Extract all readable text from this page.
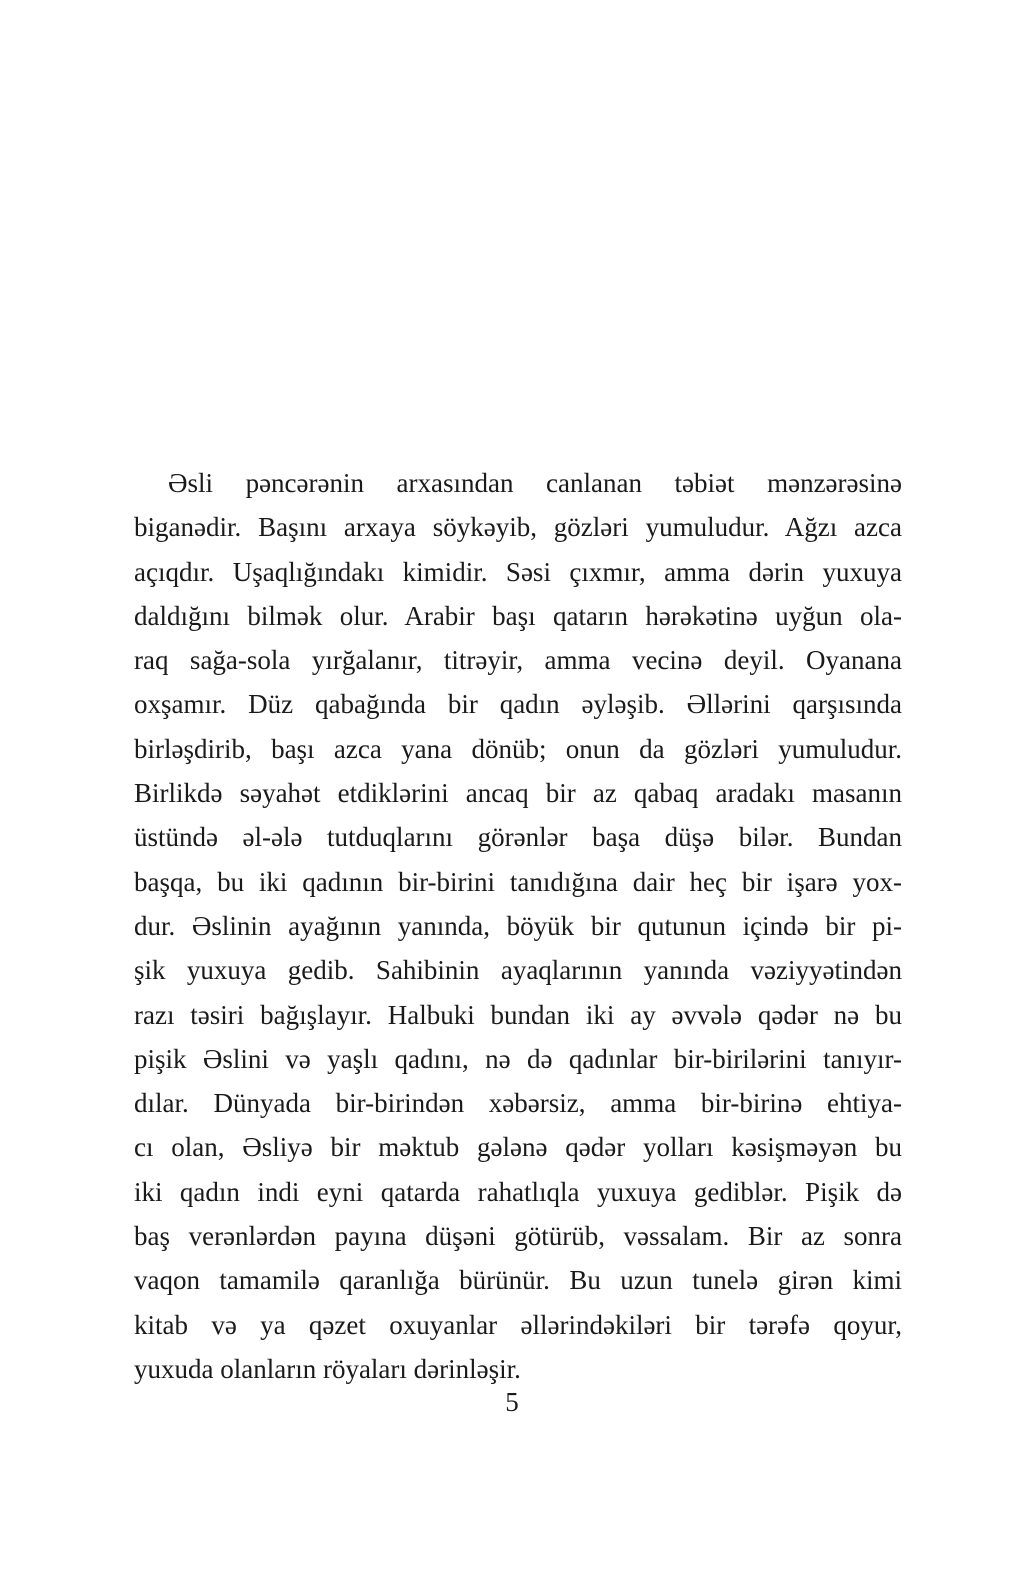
Əsli pəncərənin arxasından canlanan təbiət mənzərəsinə
biganədir. Başını arxaya söykəyib, gözləri yumuludur. Ağzı azca
açıqdır. Uşaqlığındakı kimidir. Səsi çıxmır, amma dərin yuxuya
daldığını bilmək olur. Arabir başı qatarın hərəkətinə uyğun ola-
raq sağa-sola yırğalanır, titrəyir, amma vecinə deyil. Oyanana
oxşamır. Düz qabağında bir qadın əyləşib. Əllərini qarşısında
birləşdirib, başı azca yana dönüb; onun da gözləri yumuludur.
Birlikdə səyahət etdiklərini ancaq bir az qabaq aradakı masanın
üstündə əl-ələ tutduqlarını görənlər başa düşə bilər. Bundan
başqa, bu iki qadının bir-birini tanıdığına dair heç bir işarə yox-
dur. Əslinin ayağının yanında, böyük bir qutunun içində bir pi-
şik yuxuya gedib. Sahibinin ayaqlarının yanında vəziyyətindən
razı təsiri bağışlayır. Halbuki bundan iki ay əvvələ qədər nə bu
pişik Əslini və yaşlı qadını, nə də qadınlar bir-birilərini tanıyır-
dılar. Dünyada bir-birindən xəbərsiz, amma bir-birinə ehtiya-
cı olan, Əsliyə bir məktub gələnə qədər yolları kəsişməyən bu
iki qadın indi eyni qatarda rahatlıqla yuxuya gediblər. Pişik də
baş verənlərdən payına düşəni götürüb, vəssalam. Bir az sonra
vaqon tamamilə qaranlığa bürünür. Bu uzun tunelə girən kimi
kitab və ya qəzet oxuyanlar əllərindəkiləri bir tərəfə qoyur,
yuxuda olanların röyaları dərinləşir.
5
